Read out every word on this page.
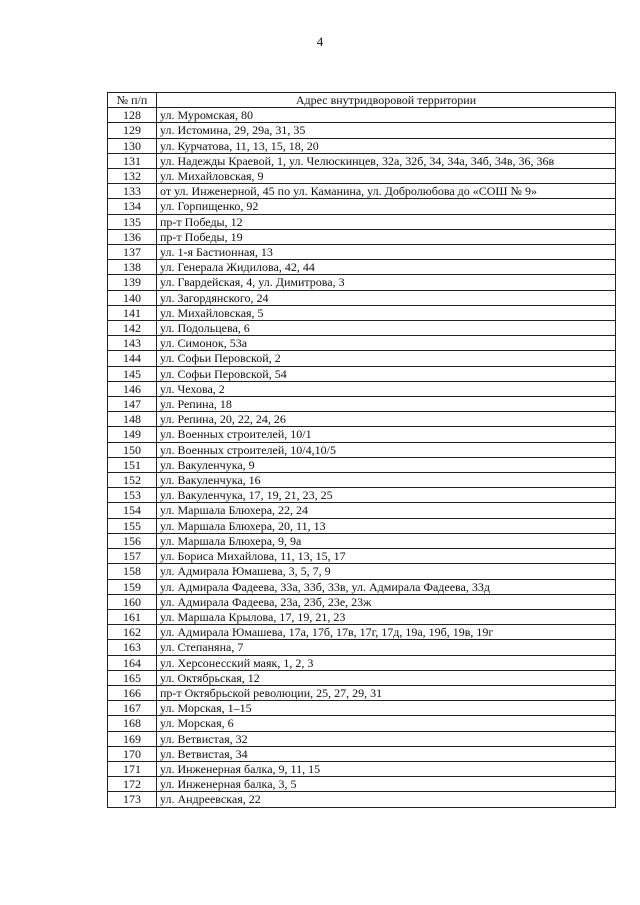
4
№ п/п	Адрес внутридворовой территории
128	ул. Муромская, 80
129	ул. Истомина, 29, 29а, 31, 35
130	ул. Курчатова, 11, 13, 15, 18, 20
131	ул. Надежды Краевой, 1, ул. Челюскинцев, 32а, 32б, 34, 34а, 34б, 34в, 36, 36в
132	ул. Михайловская, 9
133	от ул. Инженерной, 45 по ул. Каманина, ул. Добролюбова до «СОШ № 9»
134	ул. Горпищенко, 92
135	пр-т Победы, 12
136	пр-т Победы, 19
137	ул. 1-я Бастионная, 13
138	ул. Генерала Жидилова, 42, 44
139	ул. Гвардейская, 4, ул. Димитрова, 3
140	ул. Загордянского, 24
141	ул. Михайловская, 5
142	ул. Подольцева, 6
143	ул. Симонок, 53а
144	ул. Софьи Перовской, 2
145	ул. Софьи Перовской, 54
146	ул. Чехова, 2
147	ул. Репина, 18
148	ул. Репина, 20, 22, 24, 26
149	ул. Военных строителей, 10/1
150	ул. Военных строителей, 10/4,10/5
151	ул. Вакуленчука, 9
152	ул. Вакуленчука, 16
153	ул. Вакуленчука, 17, 19, 21, 23, 25
154	ул. Маршала Блюхера, 22, 24
155	ул. Маршала Блюхера, 20, 11, 13
156	ул. Маршала Блюхера, 9, 9а
157	ул. Бориса Михайлова, 11, 13, 15, 17
158	ул. Адмирала Юмашева, 3, 5, 7, 9
159	ул. Адмирала Фадеева, 33а, 33б, 33в, ул. Адмирала Фадеева, 33д
160	ул. Адмирала Фадеева, 23а, 23б, 23е, 23ж
161	ул. Маршала Крылова, 17, 19, 21, 23
162	ул. Адмирала Юмашева, 17а, 17б, 17в, 17г, 17д, 19а, 19б, 19в, 19г
163	ул. Степаняна, 7
164	ул. Херсонесский маяк, 1, 2, 3
165	ул. Октябрьская, 12
166	пр-т Октябрьской революции, 25, 27, 29, 31
167	ул. Морская, 1–15
168	ул. Морская, 6
169	ул. Ветвистая, 32
170	ул. Ветвистая, 34
171	ул. Инженерная балка, 9, 11, 15
172	ул. Инженерная балка, 3, 5
173	ул. Андреевская, 22
